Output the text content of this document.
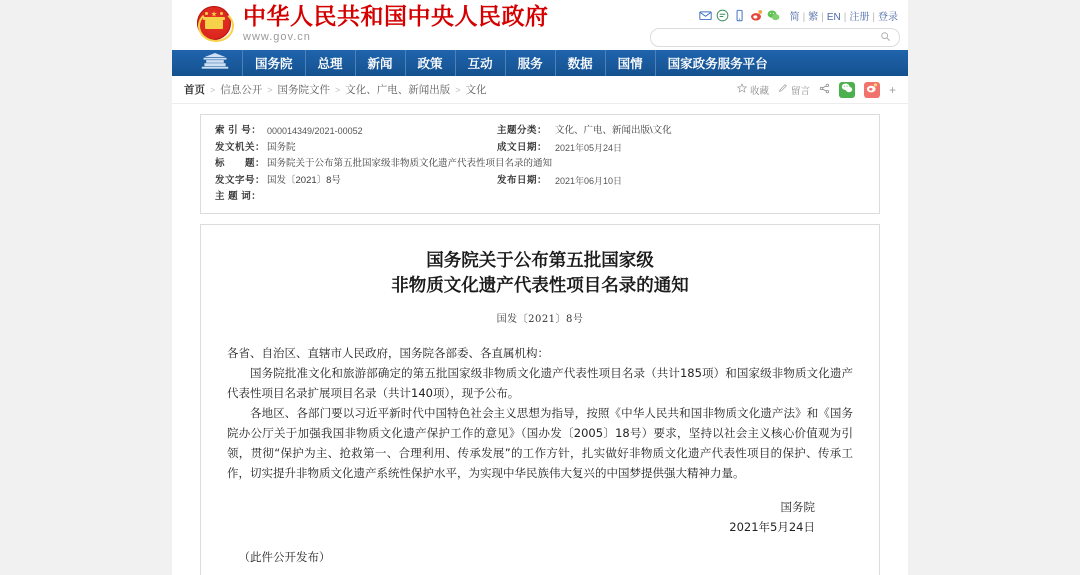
中华人民共和国中央人民政府
www.gov.cn
简 | 繁 | EN | 注册 | 登录
国务院	总理	新闻	政策	互动	服务	数据	国情	国家政务服务平台
首页 > 信息公开 > 国务院文件 > 文化、广电、新闻出版 > 文化	收藏 留言	+
索 引 号 ：	000014349/2021-00052	主题分类 ：	文化、广电、新闻出版\文化
发文机关 ：	国务院	成文日期 ：	2021年05月24日
标　　题 ：	国务院关于公布第五批国家级非物质文化遗产代表性项目名录的通知
发文字号 ：	国发〔2021〕8号	发布日期 ：	2021年06月10日
主 题 词 ：
国务院关于公布第五批国家级
非物质文化遗产代表性项目名录的通知
国发〔2021〕8号

各省、自治区、直辖市人民政府，国务院各部委、各直属机构：

国务院批准文化和旅游部确定的第五批国家级非物质文化遗产代表性项目名录（共计185项）和国家级非物质文化遗产代表性项目名录扩展项目名录（共计140项），现予公布。

各地区、各部门要以习近平新时代中国特色社会主义思想为指导，按照《中华人民共和国非物质文化遗产法》和《国务院办公厅关于加强我国非物质文化遗产保护工作的意见》（国办发〔2005〕18号）要求，坚持以社会主义核心价值观为引领，贯彻“保护为主、抢救第一、合理利用、传承发展”的工作方针，扎实做好非物质文化遗产代表性项目的保护、传承工作，切实提升非物质文化遗产系统性保护水平，为实现中华民族伟大复兴的中国梦提供强大精神力量。

国务院
2021年5月24日
（此件公开发布）
